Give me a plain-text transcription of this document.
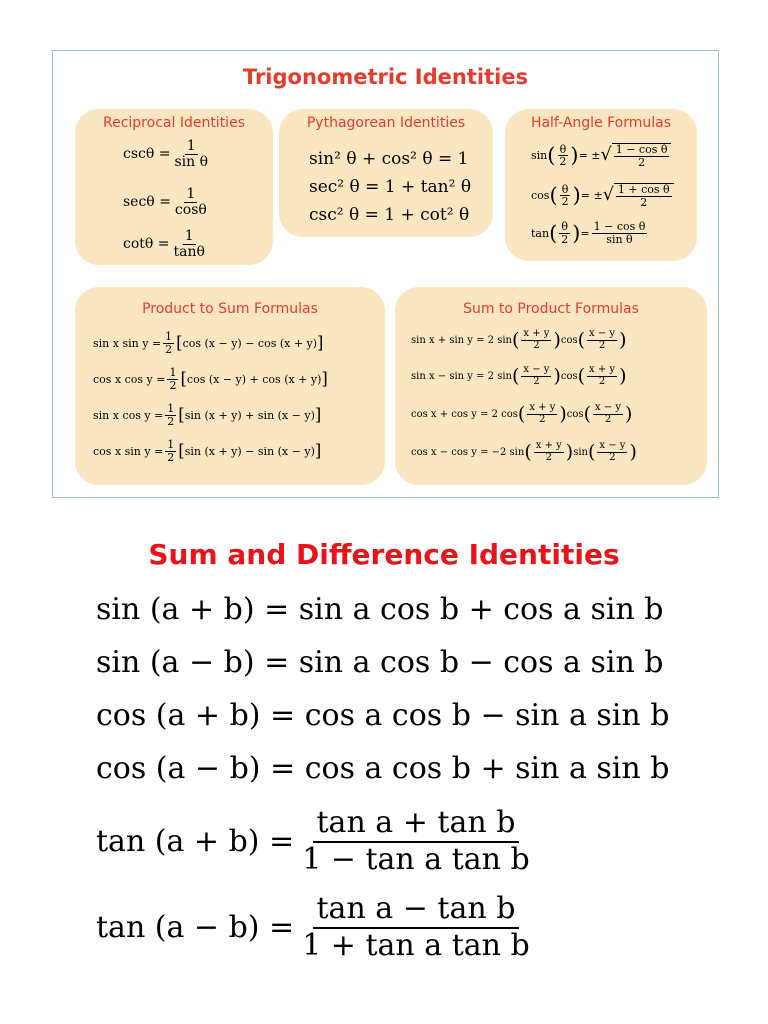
Trigonometric Identities
Reciprocal Identities
$\csc\theta = \frac{1}{\text{sin θ}}$
$\sec\theta = \frac{1}{\cos\theta}$
$\cot\theta = \frac{1}{\tan\theta}$
Pythagorean Identities
sin² θ + cos² θ = 1
sec² θ = 1 + tan² θ
csc² θ = 1 + cot² θ
Half-Angle Formulas
sin ( $\frac{\theta}{2}$ ) = ± √ $\frac{\text{1 − cos θ}}{2}$
cos ( $\frac{\theta}{2}$ ) = ± √ $\frac{\text{1 + cos θ}}{2}$
tan ( $\frac{\theta}{2}$ ) = $\frac{\text{1 − cos θ}}{\text{sin θ}}$
Product to Sum Formulas
sin x $\sin y = \frac{1}{2}$ [ cos (x − y) − cos (x + y) ]
cos x $\cos y = \frac{1}{2}$ [ cos (x − y) + cos (x + y) ]
sin x $\cos y = \frac{1}{2}$ [ sin (x + y) + sin (x − y) ]
cos x $\sin y = \frac{1}{2}$ [ sin (x + y) − sin (x − y) ]
Sum to Product Formulas
sin x + sin y = 2 sin ( $\frac{x + y}{2}$ ) cos ( $\frac{x - y}{2}$ )
sin x − sin y = 2 sin ( $\frac{x - y}{2}$ ) cos ( $\frac{x + y}{2}$ )
cos x + cos y = 2 cos ( $\frac{x + y}{2}$ ) cos ( $\frac{x - y}{2}$ )
cos x − cos y = −2 sin ( $\frac{x + y}{2}$ ) sin ( $\frac{x - y}{2}$ )
Sum and Difference Identities
sin (a + b) = sin a cos b + cos a sin b
sin (a − b) = sin a cos b − cos a sin b
cos (a + b) = cos a cos b − sin a sin b
cos (a − b) = cos a cos b + sin a sin b
$\tan (a + b) = \frac{\text{tan a + tan b}}{\text{1 − tan a tan b}}$
$\tan (a - b) = \frac{\text{tan a − tan b}}{\text{1 + tan a tan b}}$
